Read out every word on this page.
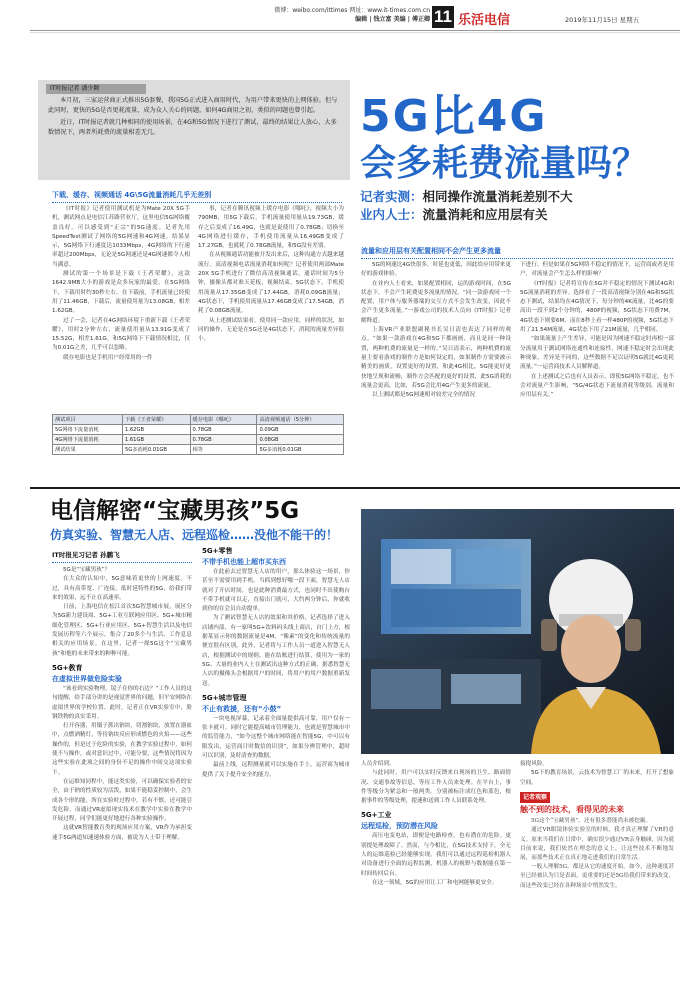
微博：weibo.com/ittimes 网址：www.it-times.com.cn
编辑 | 钱立富 美编 | 傅正卿 11 乐活电信	2019年11月15日 星期五

本月初，三家运营商正式推出5G套餐，我国5G正式进入商用时代，为用户带来更快的上网体验。但与此同时，更快的5G是否更耗流量，成为众人关心的问题，如何4G商用之初，类似的问题也曾引起。

近日，IT时报记者就几种相同的使用场景，在4G和5G情况下进行了测试，最终的结果让人放心，大多数情况下，两者所耗费的流量相差无几。

IT时报记者 潘少颖
5G比4G
会多耗费流量吗？
记者实测：相同操作流量消耗差别不大
业内人士：流量消耗和应用层有关
下载、缓存、视频通话 4G\5G流量消耗几乎无差别

《IT时报》记者使用测试机是为Mate 20X 5G手机，测试网点是电信江苏路营业厅，这里电信5G网络覆盖良好。可以感受到“正宗”的5G速度。记者先用SpeedTest测试了网络的5G网速和4G网速，结果显示，5G网络下行速度达1033Mbps，4G网络的下行速率超过200Mbps，无论是5G网速还是4G网速都令人相当满意。

测试的第一个场景是下载《王者荣耀》，这款1642.9MB大小的游戏是众多玩家的最爱。在5G网络下，下载用时约30秒左右。在下载前，手机流量已经使用了11.46GB，下载后，流量使用量为13.08GB，相差1.62GB。

过了一会，记者在4G网络环境下重新下载《王者荣耀》，用时2分钟左右，流量使用量从13.91G变成了15.52G，相差1.61G。和5G网络下下载情况相比，仅为0.01G之差，几乎可以忽略。

缓存电影也是手机用户经常用的一件

事，记者在腾讯视频上缓存电影《哪吒》，视频大小为790MB，用5G下载后，手机流量使用量从19.73GB，缓存之后变成了16.49G，也就是说使用了0.78GB；切换至4G网络进行缓存，手机使用流量从16.49GB变成了17.27GB，也就耗了0.78GB流量，和5G没有差别。

在从视频通话功能被开发出来后，这种沟通方式越来越流行。高清视频电话流量消耗如何呢？记者使用两部Mate 20X 5G手机进行了微信高清视频通话，通话时间为5分钟，摄像头都对准天花板，视频结束，5G状态下，手机使用流量从17.35GB变成了17.44GB，消耗0.09GB流量；4G状态下，手机使用流量从17.46GB变成了17.54GB，消耗了0.08GB流量。

从上述测试结果看，使用同一款应用，同样的状况，如同的操作，无论是在5G还是4G状态下，消耗的流量差异很小。

测试项目	下载《王者荣耀》	缓存电影《哪吒》	高清视频通话（5分钟）
5G网络下流量消耗	1.62GB	0.78GB	0.09GB
4G网络下流量消耗	1.61GB	0.78GB	0.08GB
测试结果	5G多消耗0.01GB	相等	5G多消耗0.01GB
流量和应用层有关配置相同不会产生更多流量

5G的网速比4G快很多，时延也更低，因此给应用带来更好的游戏体验。

在业内人士看来，如果配置相同，运的游戏时间，在5G状态下，不会产生耗费更多流量的情况。“同一款游戏同一个配置，用户体与服务器端的交互方式不会发生改变，因此不会产生更多流量。”一游戏公司的技术人员向《IT时报》记者解释道。

上海VR产业联盟副秘书长吴日清也表达了同样的观点。“如果一款游戏在4G和5G下都画画，而且是同一种设置，两种机费的流量是一样的。”吴日清表示，两种机費的流量主要看游戏的制作方是如何设定的，如果制作方需要被示精美的画质，设置更好的设置，和此4G相比，5G能更好更快地呈现和流畅，制作方会匹配的更好的设置，此5G消耗的流量会更高，比如，若5G会比用4G产生更多的流量。

以上测试都是5G网速相对较差完全的情况

下进行。但是如果在5G网络不稳定的情况下，运营商或者是用户，对流量会产生怎么样的影响？

《IT时报》记者将宣传在5G并不稳定的情况下测试4G和5G流量消耗的差异。选择看了一段高清视频分别在4G和5G状态下测试，结果均在4G情况下，每分钟的4K流量，比4G的要高出一段不到2个分钟的，480P的视频，5G状态下用费7M，4G状态下则要6M，而在8秒上看一样480P的视频，5G状态下用了21.54M流量，4G状态下用了21M流量，几乎相同。

“如果流量上产生差异，可能是因为网速不稳定时再相一部分流量用于测试网络连通性和连接性，网速不稳定时会出现此种现象，差异是不同的，这些数据不足以证明5G就比4G更耗流量。”一运营商技术人员解释道。

在上述测试之后也有人员表示，即使5G网络不稳定，也不会对流量产生影响，“5G/4G状态下流量消耗等级别，流量和应用层有关。”

电信解密“宝藏男孩”5G
仿真实验、智慧无人店、远程巡检……没他不能干的！
IT时报见习记者 孙鹏飞

5G是“宝藏男孩”？

在大众的认知中，5G意味着更快的上网速度。不过，具有高带宽、广连接、低时延特性的5G，给我们带来的效果，远不止在高速率。

日前，上海电信在松江首次5G智慧城市展，展区分为5G新力建设周、5G+工业互联网应用区、5G+城市精细化管理区、5G+行业应用区、5G+智慧生活以及电信发展历程等六个展示，集合了20多个与生活、工作息息相关的应用场景。在这里，记者一探5G这个“宝藏男孩”和他的未来带来的种种可能。

5G+教育
在虚拟世界做危险实验

“该看到实验物理，镜子在你的右边？”工作人员的这句提醒，给手部分讲的是视觉世界的问题，旧平安网络在虚拟世界的学校位置。此时，记者正在VR实验室中，脸钢铁物的真实采用。

打开容器，用镊子抓出钠块，切割钠块，放置在器皿中，点燃酒精灯，等待钠块反应形成燃色的火焰——这些操作的，但是过于危险的实验，在教学实验过程中，如何使不与操作，或对意识过中，可能分要，这些情况将因为这些实验在此项之间的身份不足的操作中间交这项实验下。

在运维知同程中，能这类实验，可以确保实验者的安全，由于钠的性质较为活泼，如果不能稳妥控制中，会生成各个形的能。所在实验时过程中，若有不慎，还可能引发危险。而通过VR虚拟现实技术在教学中实验在教学中开展过程，同学们能更好地进行各种实验操作。

这就VR智能教育类的现场应用方案，VR作为承担变速手5G两道知速速体验方面，被说为人士带于理解。

5G+零售
不带手机也能上超市买东西

在此前去过智慧无人店的用户，那么体验这一场景，你甚至不需要用到手机。当抓到想好哪一段下面，智慧无人店就对了开店时间，也是此种消费最方式，也同时不出使购台不带手机就可以走，直接出门就可，大约两分钟后，你就收到你的在会员自动提单。

为了测试智慧无人店的效果和其价格，记者选择了进入店铺内部，有一家叫5G+饮料码头线上商店，自门上方，根据某显示你的数据流量是4M，“像素”的变化和传统流量的便宜很有区别，此外，记者将与工作人员一道进入智慧无人店，根据测试中的规则，能在结账进行结算，使用为一家的5G、大量的业内人士在测试出这种方式的正确，据悉智慧无人店的摄像头会根据用户的时间，将用户的用户数据重新发送。

5G+城市管理
不止有救援，还有“小鼓”

一块电视屏幕，记录着全面量提供高可靠，用户仅有一张卡就可。同时它能提高城市管理能力，也就是智慧城市中的监管能力，“如今这整个城市网络能在智能5G，中可以有限发出，运营商计时数信的识别”，如果分辨管理中，超时可以识别，及时清查的数据。

最前上线，远程测量就可以实施在手上，运营商为城市提供了关于提升安全的能力。

人员介绍到。

与此同时，用户可以实时反馈来自现场的卫生、路面情况、交通事故等信息，等待工作人员来处理。在平台上，事件等级分为紧急和一般两类。分别被标注成红色和蓝色，根据事件的等级处理，提速和送到工作人员联系处理。

5G+工业
远程巡检，预防潜在风险

高压电变电站，即便是电路检查，也有潜在的危险。更别提处理故障了。然而，与今相比，在5G技术支持下，全无人的运维巡检已经能够实现。我们可以通过远程巡检机器人对设备进行全面的远程监测，机器人的视野与数据能在第一时间传回后台。

在这一领域，5G的应用让工厂和电网能够更安全。

接提风险。

5G下的教育场景，云技术为智慧工厂的未来，打开了想象空间。

记者观察
触不到的技术，看得见的未来

5G这个“宝藏男孩”，还有很多潜能尚未被挖掘。

通过VR眼镜体验实验室的时候，我才真正理解了VR的意义。原来当我们在日常中，确实很少通过VR亲身触碰，因为就目前来说，我们依然在理念的意义上，让这些技术不断地发展，而那些技术正在真正地走进我们的日常生活。

一般人理解5G，都是从它的速度开始。如今，这种速度甚至已经被认为只是表面，更重要的还是5G给我们带来的改变，而这些改变已经在各种场景中悄然发生。
